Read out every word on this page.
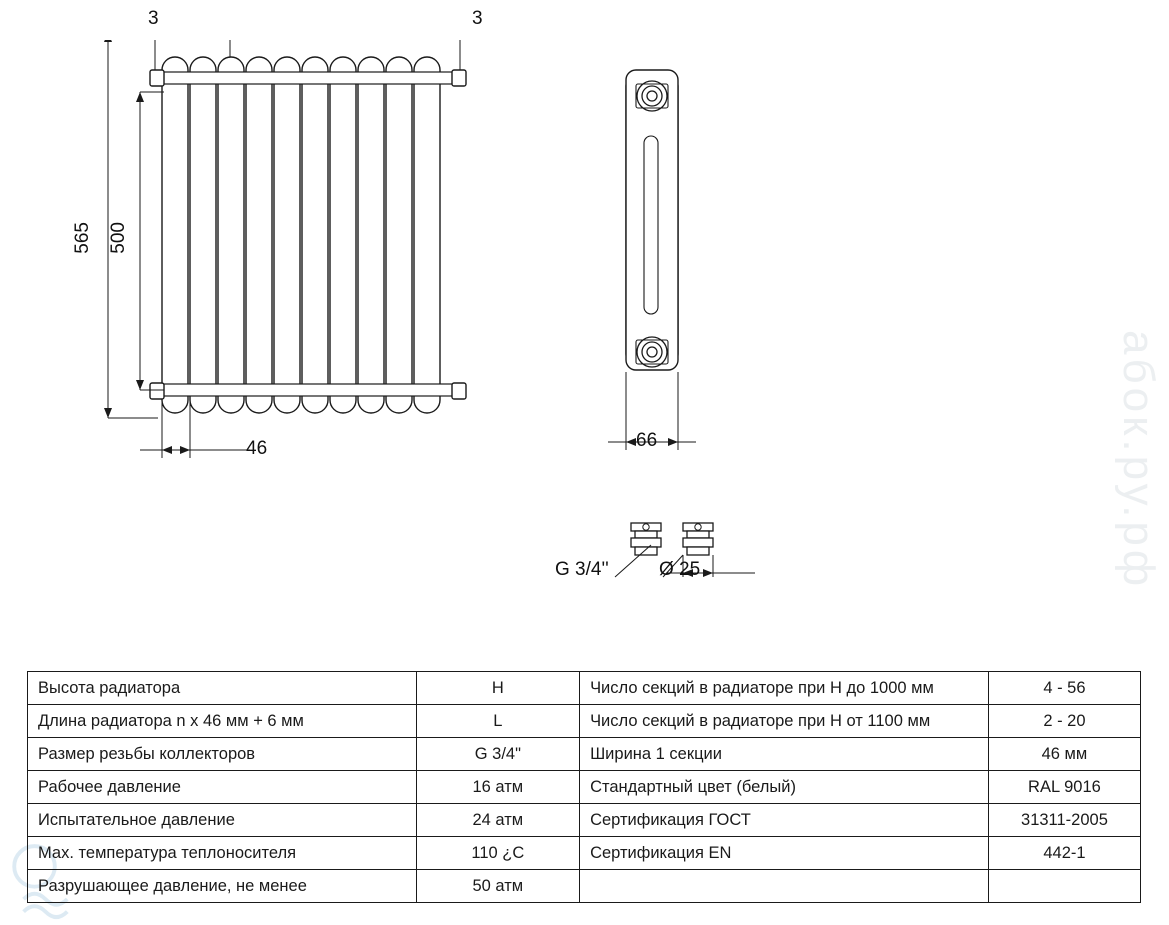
абок.ру.рф
565 500
3	3
46	66
G 3/4''	Ø 25
Высота радиатора	H	Число секций в радиаторе при H до 1000 мм	4 - 56
Длина радиатора n x 46 мм + 6 мм	L	Число секций в радиаторе при H от 1100 мм	2 - 20
Размер резьбы коллекторов	G 3/4"	Ширина 1 секции	46 мм
Рабочее давление	16 атм	Стандартный цвет (белый)	RAL 9016
Испытательное давление	24 атм	Сертификация ГОСТ	31311-2005
Мах. температура теплоносителя	110 ¿C	Сертификация EN	442-1
Разрушающее давление, не менее	50 атм		
